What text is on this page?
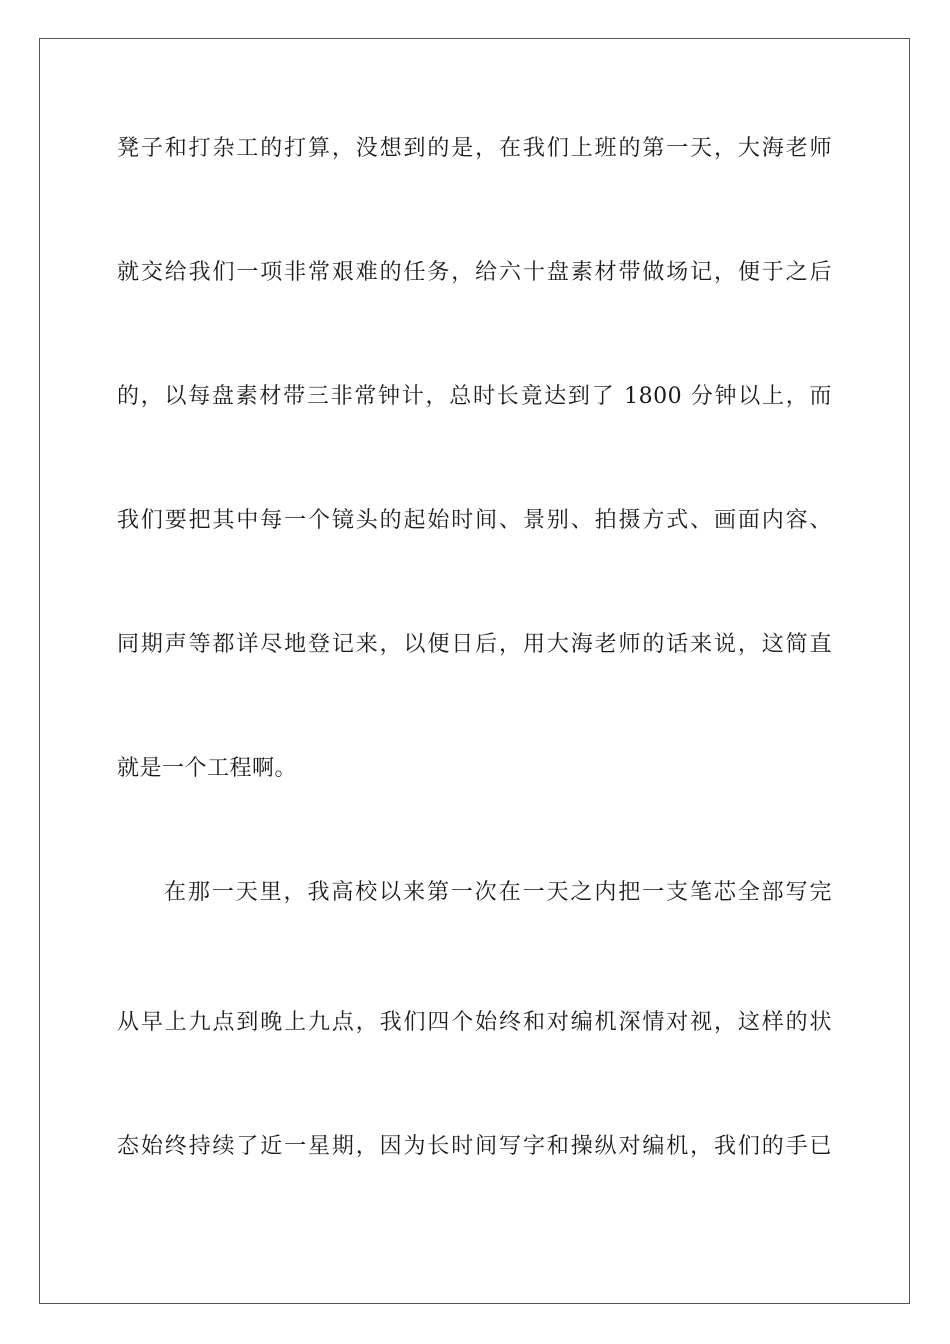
凳子和打杂工的打算，没想到的是，在我们上班的第一天，大海老师
就交给我们一项非常艰难的任务，给六十盘素材带做场记，便于之后
的，以每盘素材带三非常钟计，总时长竟达到了 1800 分钟以上，而
我们要把其中每一个镜头的起始时间、景别、拍摄方式、画面内容、
同期声等都详尽地登记来，以便日后，用大海老师的话来说，这简直
就是一个工程啊。
在那一天里，我高校以来第一次在一天之内把一支笔芯全部写完
从早上九点到晚上九点，我们四个始终和对编机深情对视，这样的状
态始终持续了近一星期，因为长时间写字和操纵对编机，我们的手已
